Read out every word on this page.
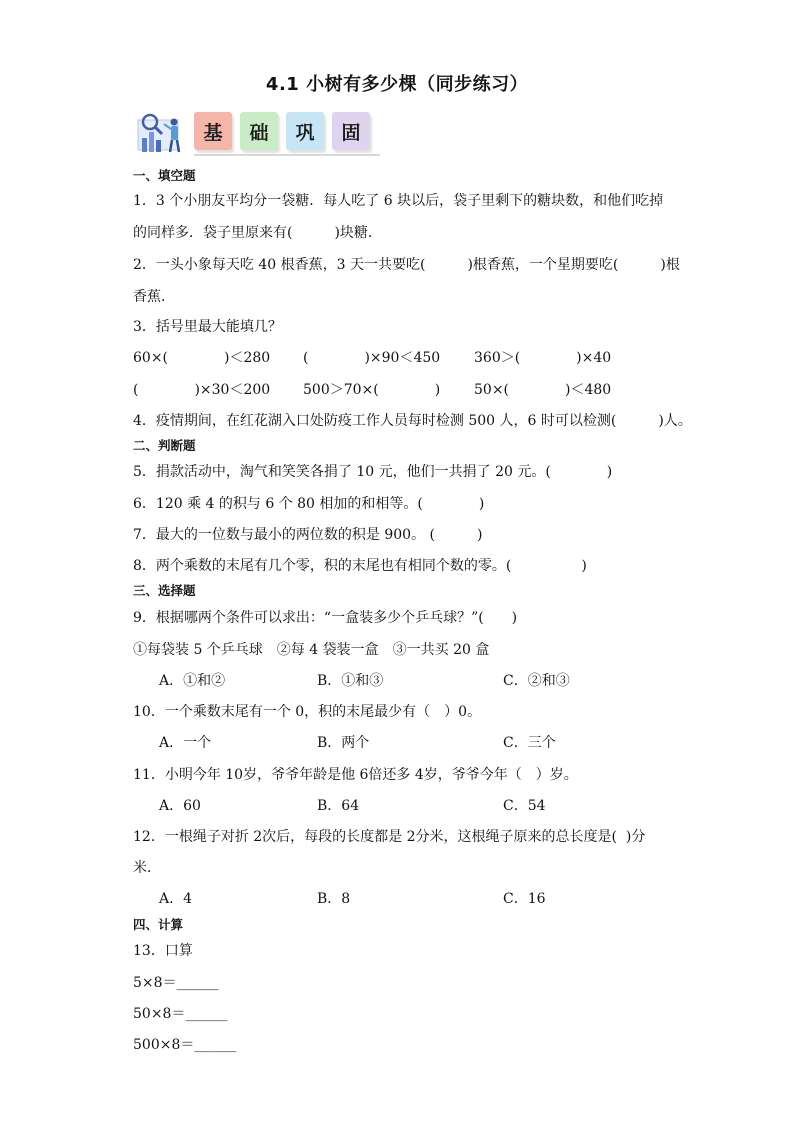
4.1 小树有多少棵（同步练习）
基	础	巩	固
一、填空题
1．3 个小朋友平均分一袋糖．每人吃了 6 块以后，袋子里剩下的糖块数，和他们吃掉
的同样多．袋子里原来有(　　　)块糖．
2．一头小象每天吃 40 根香蕉，3 天一共要吃(　　　)根香蕉，一个星期要吃(　　　)根
香蕉．
3．括号里最大能填几？
60×(　　　　)＜280 (　　　　)×90＜450 360＞(　　　　)×40
(　　　　)×30＜200 500＞70×(　　　　) 50×(　　　　)＜480
4．疫情期间，在红花湖入口处防疫工作人员每时检测 500 人，6 时可以检测(　　　)人。
二、判断题
5．捐款活动中，淘气和笑笑各捐了 10 元，他们一共捐了 20 元。(　　　　)
6．120 乘 4 的积与 6 个 80 相加的和相等。(　　　　)
7．最大的一位数与最小的两位数的积是 900。 (　　　)
8．两个乘数的末尾有几个零，积的末尾也有相同个数的零。(　　　　　)
三、选择题
9．根据哪两个条件可以求出：“一盒装多少个乒乓球？”(　　)
①每袋装 5 个乒乓球　②每 4 袋装一盒　③一共买 20 盒
A．①和②	B．①和③	C．②和③
10．一个乘数末尾有一个 0，积的末尾最少有（　）0。
A．一个	B．两个	C．三个
11．小明今年 10岁，爷爷年龄是他 6倍还多 4岁，爷爷今年（　）岁。
A．60	B．64	C．54
12．一根绳子对折 2次后，每段的长度都是 2分米，这根绳子原来的总长度是(  )分
米．
A．4	B．8	C．16
四、计算
13．口算
5×8＝______
50×8＝______
500×8＝______
